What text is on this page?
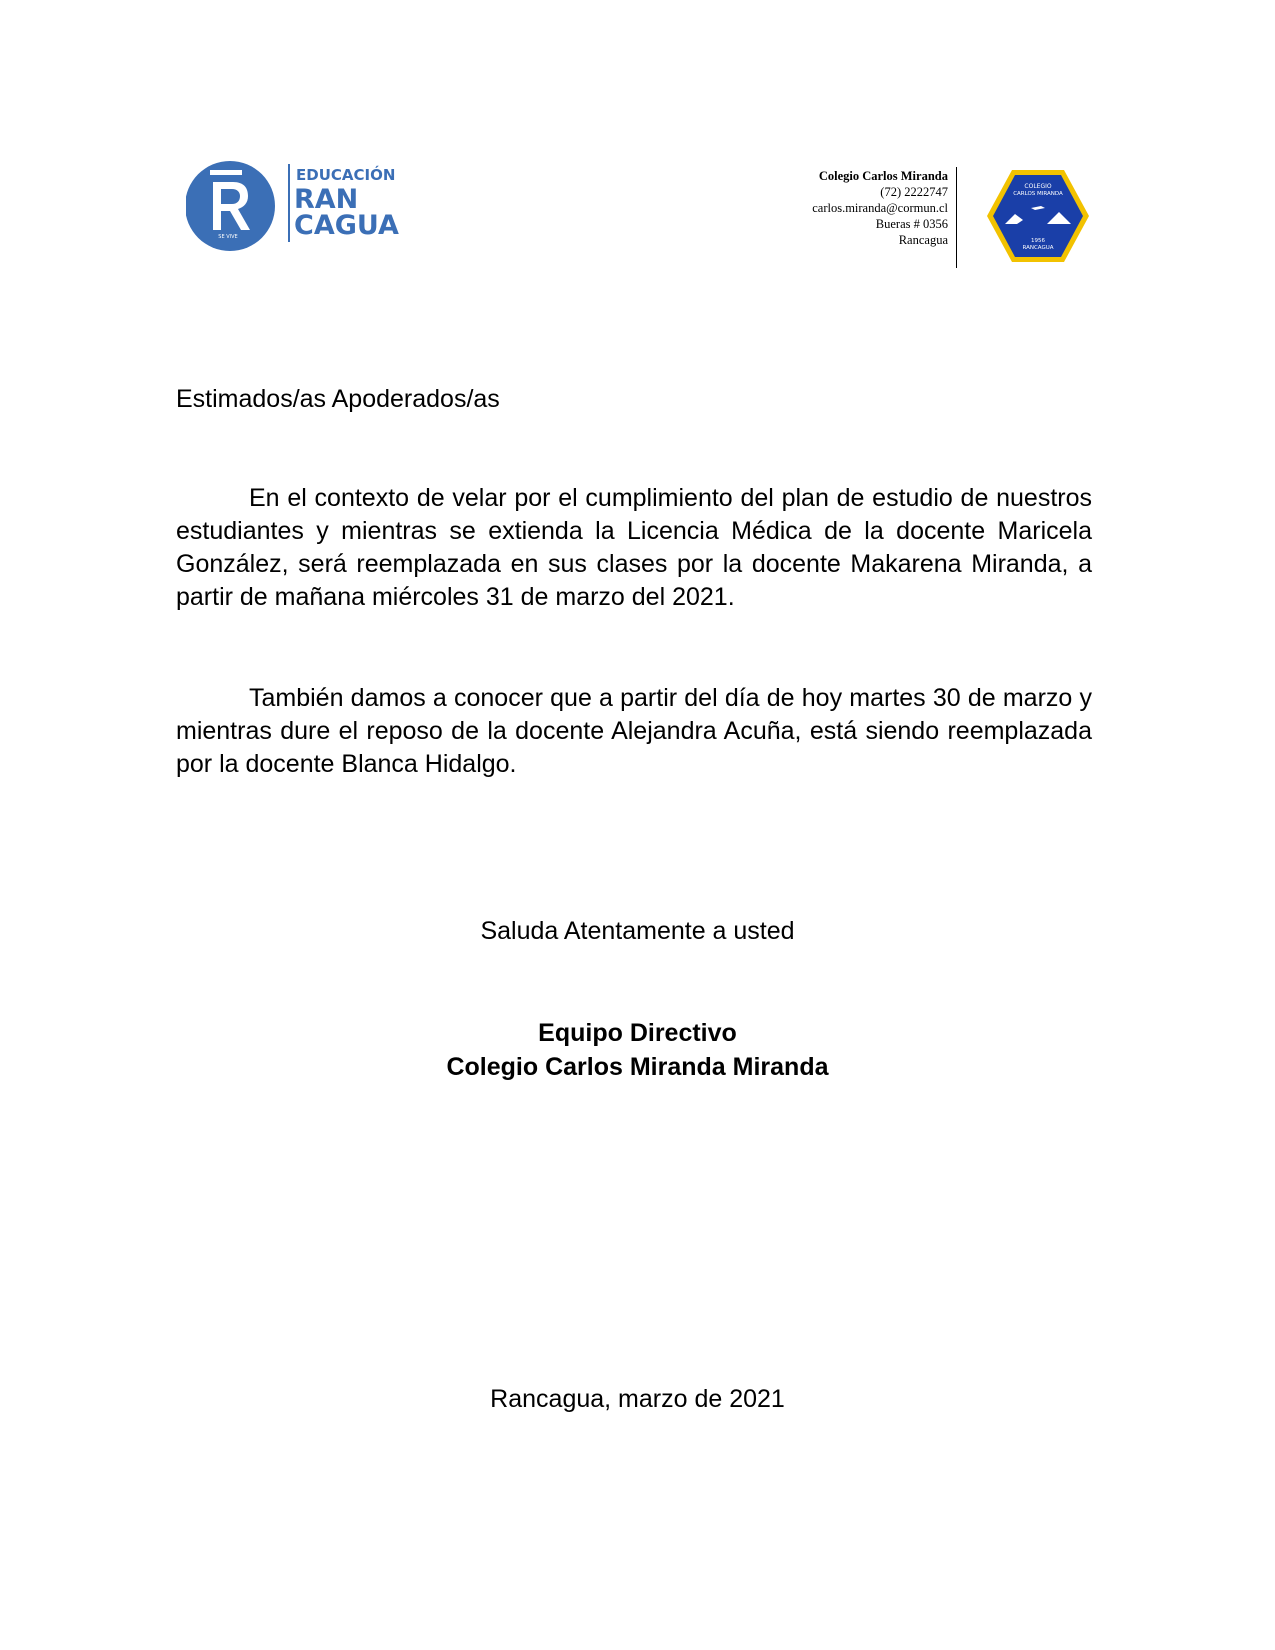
SE VIVE
EDUCACIÓN
RAN
CAGUA
Colegio Carlos Miranda
(72) 2222747
carlos.miranda@cormun.cl
Bueras # 0356
Rancagua
COLEGIO
CARLOS MIRANDA
1956
RANCAGUA

Estimados/as Apoderados/as

En el contexto de velar por el cumplimiento del plan de estudio de nuestros estudiantes y mientras se extienda la Licencia Médica de la docente Maricela González, será reemplazada en sus clases por la docente Makarena Miranda, a partir de mañana miércoles 31 de marzo del 2021.

También damos a conocer que a partir del día de hoy martes 30 de marzo y mientras dure el reposo de la docente Alejandra Acuña, está siendo reemplazada por la docente Blanca Hidalgo.

Saluda Atentamente a usted

Equipo Directivo
Colegio Carlos Miranda Miranda

Rancagua, marzo de 2021
